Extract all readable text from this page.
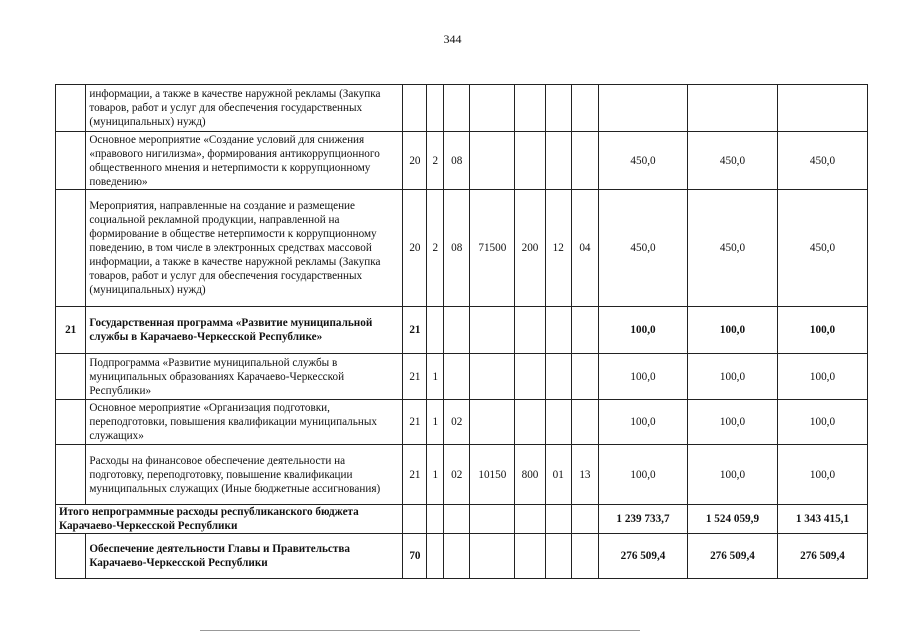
344
	информации, а также в качестве наружной рекламы (Закупка товаров, работ и услуг для обеспечения государственных (муниципальных) нужд)										
	Основное мероприятие «Создание условий для снижения «правового нигилизма», формирования антикоррупционного общественного мнения и нетерпимости к коррупционному поведению»	20	2	08					450,0	450,0	450,0
	Мероприятия, направленные на создание и размещение социальной рекламной продукции, направленной на формирование в обществе нетерпимости к коррупционному поведению, в том числе в электронных средствах массовой информации, а также в качестве наружной рекламы (Закупка товаров, работ и услуг для обеспечения государственных (муниципальных) нужд)	20	2	08	71500	200	12	04	450,0	450,0	450,0
21	Государственная программа «Развитие муниципальной службы в Карачаево-Черкесской Республике»	21							100,0	100,0	100,0
	Подпрограмма «Развитие муниципальной службы в муниципальных образованиях Карачаево-Черкесской Республики»	21	1						100,0	100,0	100,0
	Основное мероприятие «Организация подготовки, переподготовки, повышения квалификации муниципальных служащих»	21	1	02					100,0	100,0	100,0
	Расходы на финансовое обеспечение деятельности на подготовку, переподготовку, повышение квалификации муниципальных служащих (Иные бюджетные ассигнования)	21	1	02	10150	800	01	13	100,0	100,0	100,0
Итого непрограммные расходы республиканского бюджета Карачаево-Черкесской Республики									1 239 733,7	1 524 059,9	1 343 415,1
	Обеспечение деятельности Главы и Правительства Карачаево-Черкесской Республики	70							276 509,4	276 509,4	276 509,4
